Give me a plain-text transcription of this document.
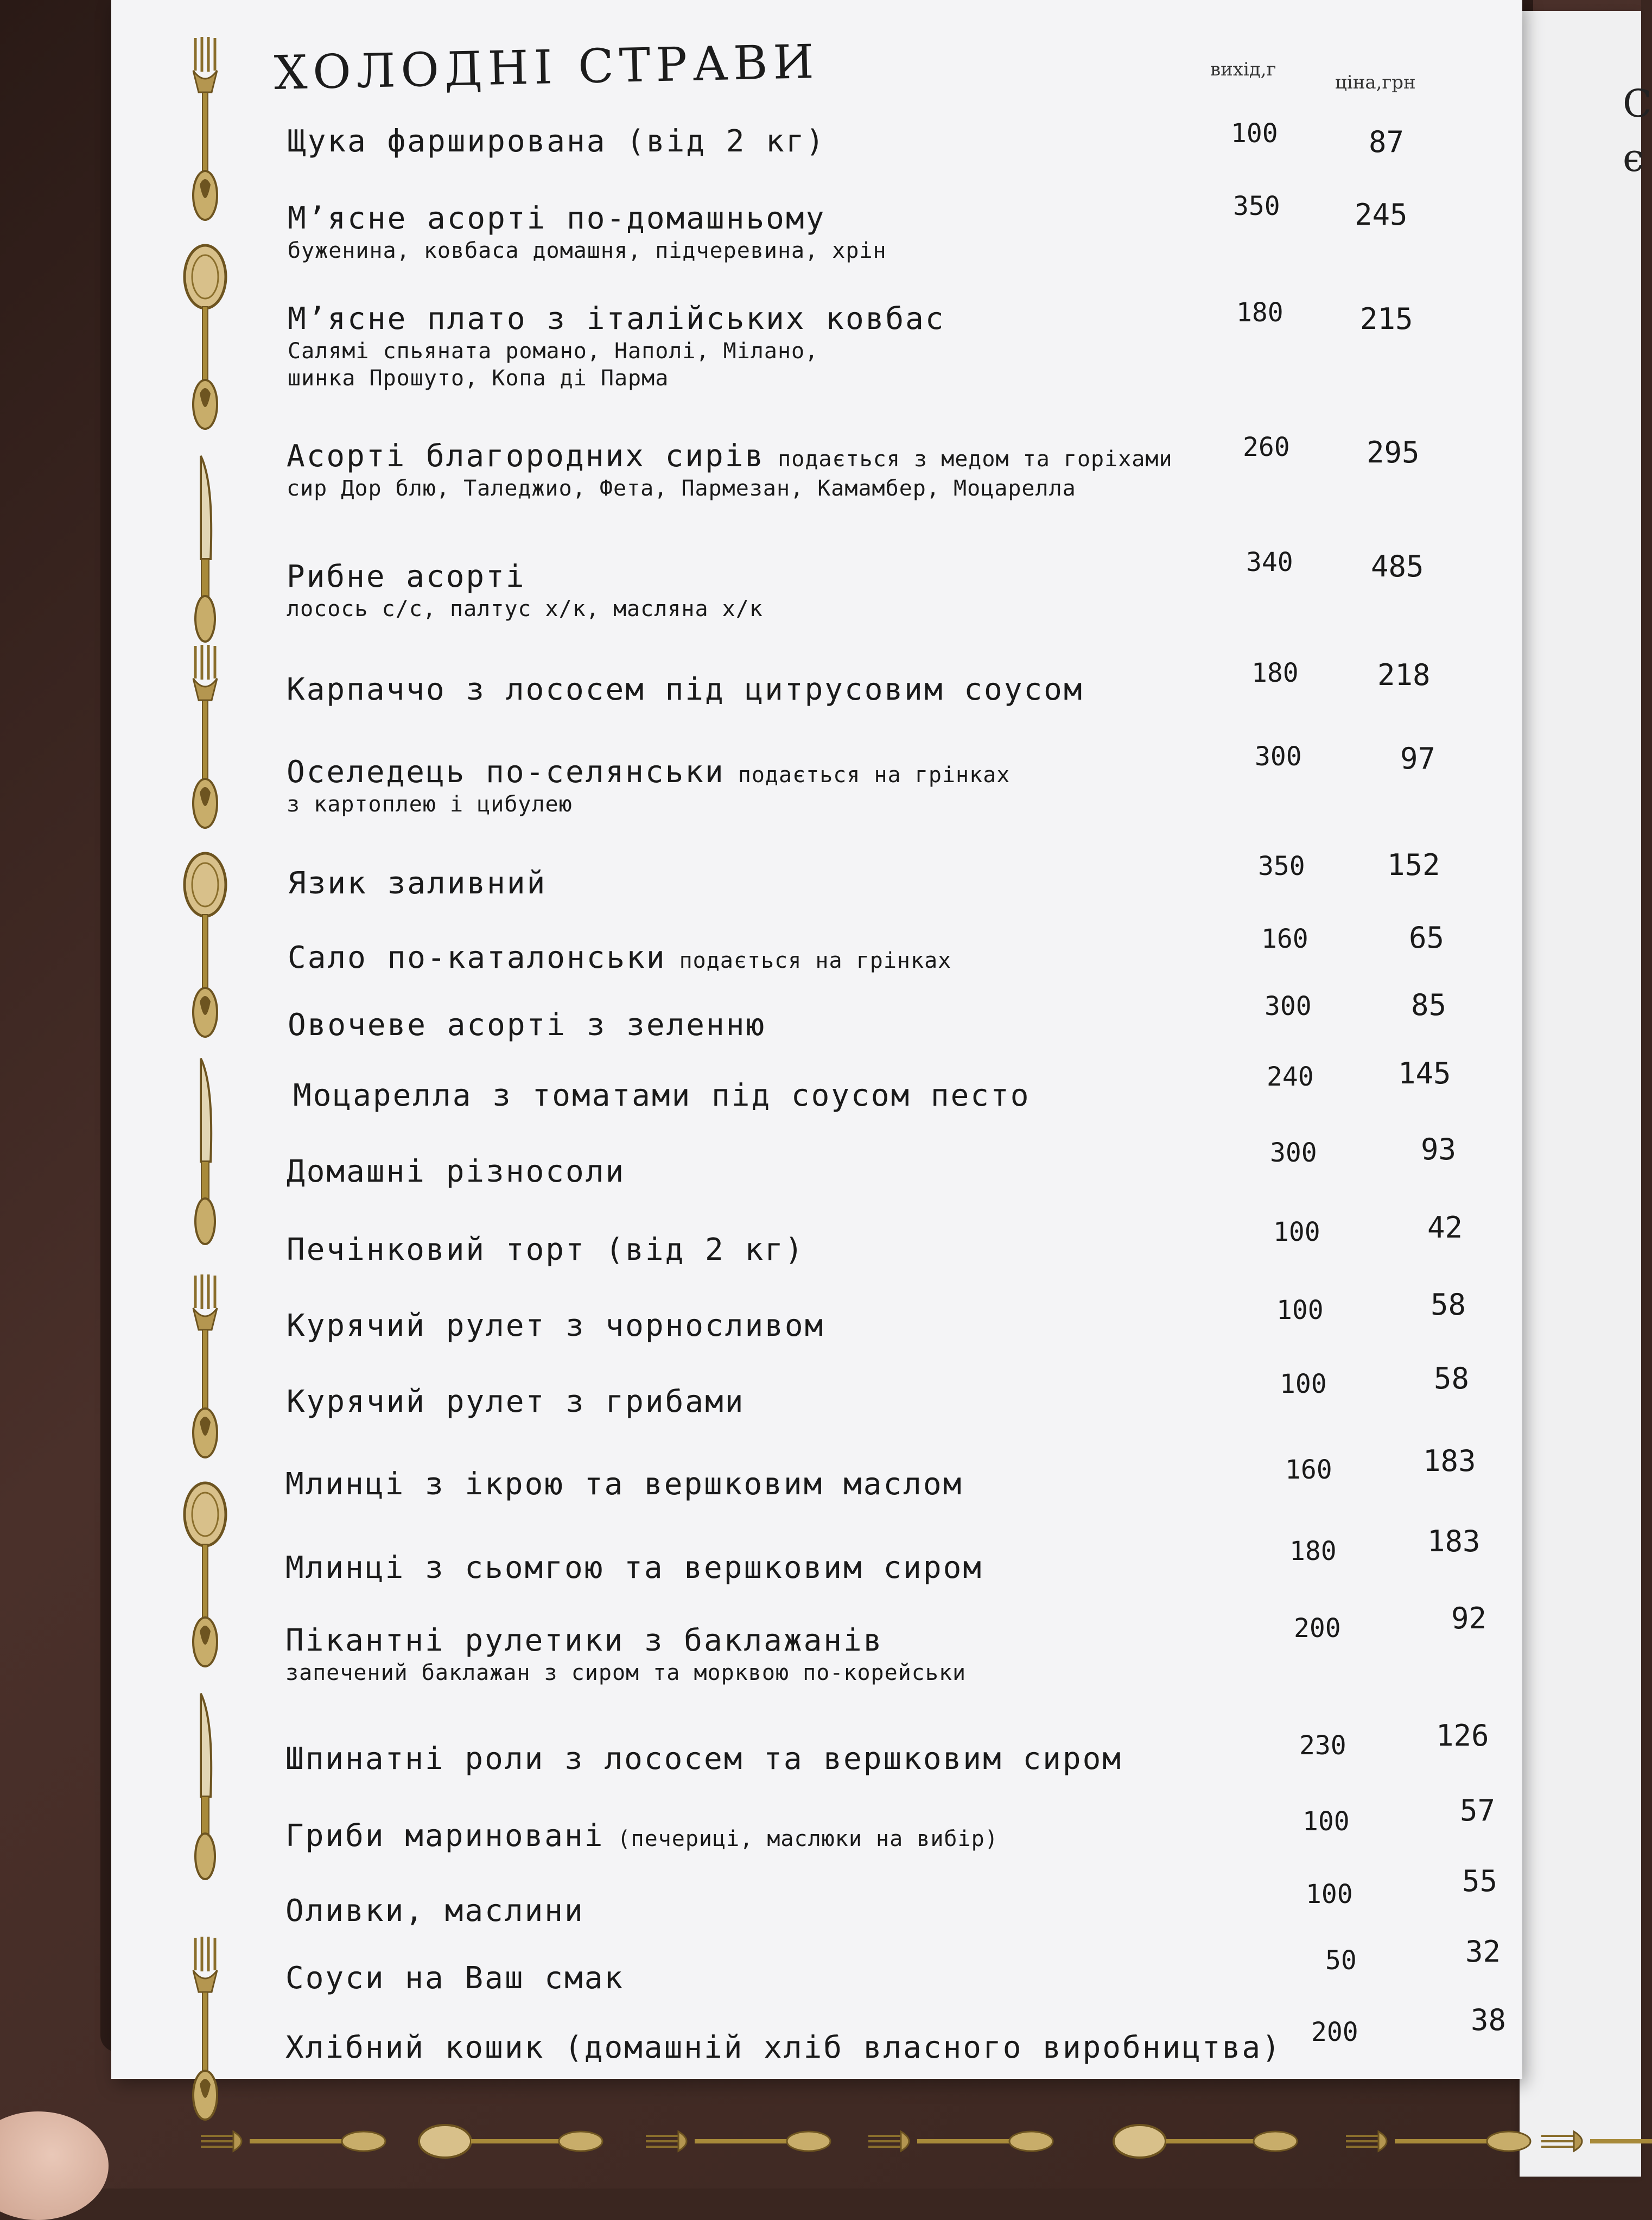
С
є
ХОЛОДНІ СТРАВИ	вихід,г
ціна,грн
Щука фарширована (від 2 кг)	100	87
М’ясне асорті по-домашньому
буженина, ковбаса домашня, підчеревина, хрін
350	245
М’ясне плато з італійських ковбас
Салямі спьяната романо, Наполі, Мілано,
шинка Прошуто, Копа ді Парма
180	215
Асорті благородних сирів подається з медом та горіхами
сир Дор блю, Таледжио, Фета, Пармезан, Камамбер, Моцарелла
260	295
Рибне асорті
лосось с/с, палтус х/к, масляна х/к
340	485
Карпаччо з лососем під цитрусовим соусом	180	218
Оселедець по-селянськи подається на грінках
з картоплею і цибулею
300	97
Язик заливний	350	152
Сало по-каталонськи подається на грінках
160	65
Овочеве асорті з зеленню
300	85
Моцарелла з томатами під соусом песто
240	145
Домашні різносоли
300	93
Печінковий торт (від 2 кг)	100	42
Курячий рулет з чорносливом	100	58
Курячий рулет з грибами	100	58
Млинці з ікрою та вершковим маслом	160	183
Млинці з сьомгою та вершковим сиром	180	183
Пікантні рулетики з баклажанів
запечений баклажан з сиром та морквою по-корейськи
200	92
Шпинатні роли з лососем та вершковим сиром	230	126
Гриби мариновані (печериці, маслюки на вибір)
100	57
Оливки, маслини	100	55
Соуси на Ваш смак	50	32
Хлібний кошик (домашній хліб власного виробництва) 200	38
